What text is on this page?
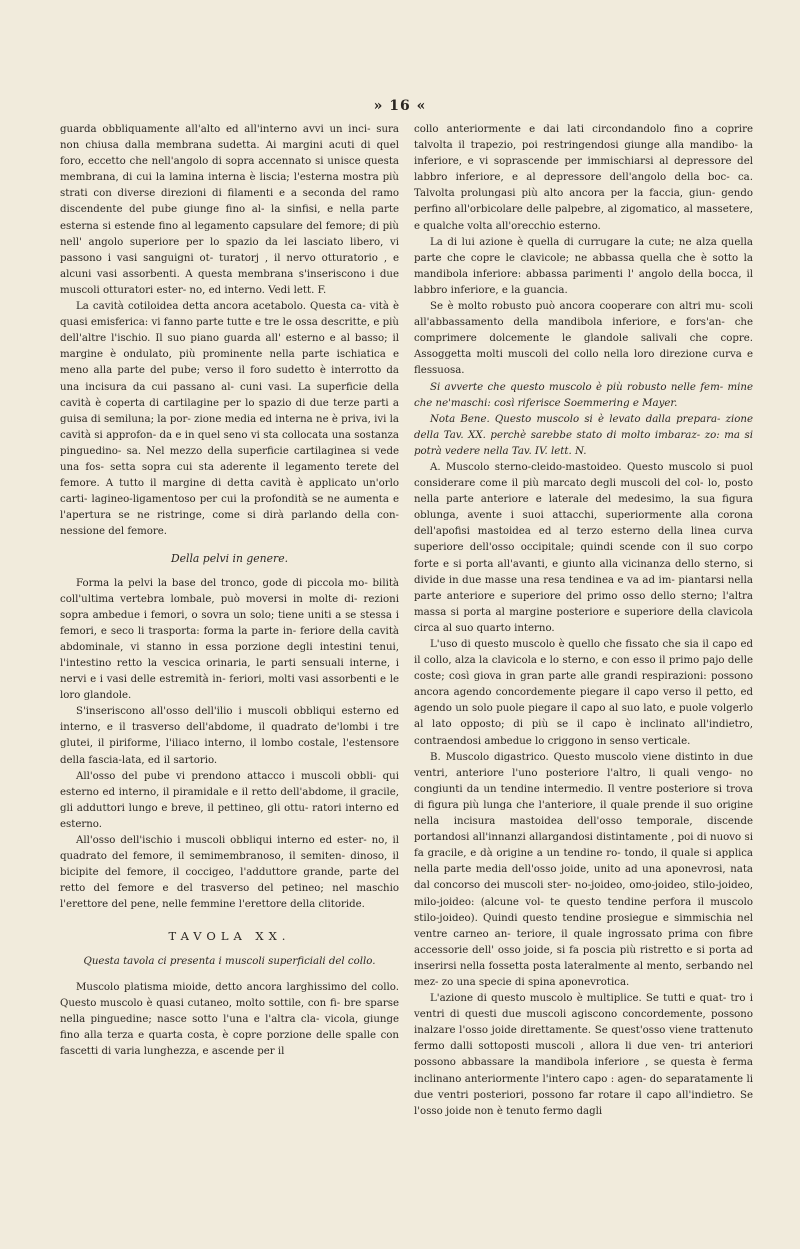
» 16 «

guarda obbliquamente all'alto ed all'interno avvi un inci- sura non chiusa dalla membrana sudetta. Ai margini acuti di quel foro, eccetto che nell'angolo di sopra accennato si unisce questa membrana, di cui la lamina interna è liscia; l'esterna mostra più strati con diverse direzioni di filamenti e a seconda del ramo discendente del pube giunge fino al- la sinfisi, e nella parte esterna si estende fino al legamento capsulare del femore; di più nell' angolo superiore per lo spazio da lei lasciato libero, vi passono i vasi sanguigni ot- turatorj , il nervo otturatorio , e alcuni vasi assorbenti. A questa membrana s'inseriscono i due muscoli otturatori ester- no, ed interno. Vedi lett. F.

La cavità cotiloidea detta ancora acetabolo. Questa ca- vità è quasi emisferica: vi fanno parte tutte e tre le ossa descritte, e più dell'altre l'ischio. Il suo piano guarda all' esterno e al basso; il margine è ondulato, più prominente nella parte ischiatica e meno alla parte del pube; verso il foro sudetto è interrotto da una incisura da cui passano al- cuni vasi. La superficie della cavità è coperta di cartilagine per lo spazio di due terze parti a guisa di semiluna; la por- zione media ed interna ne è priva, ivi la cavità si approfon- da e in quel seno vi sta collocata una sostanza pinguedino- sa. Nel mezzo della superficie cartilaginea si vede una fos- setta sopra cui sta aderente il legamento terete del femore. A tutto il margine di detta cavità è applicato un'orlo carti- lagineo-ligamentoso per cui la profondità se ne aumenta e l'apertura se ne ristringe, come si dirà parlando della con- nessione del femore.

Della pelvi in genere.

Forma la pelvi la base del tronco, gode di piccola mo- bilità coll'ultima vertebra lombale, può moversi in molte di- rezioni sopra ambedue i femori, o sovra un solo; tiene uniti a se stessa i femori, e seco li trasporta: forma la parte in- feriore della cavità abdominale, vi stanno in essa porzione degli intestini tenui, l'intestino retto la vescica orinaria, le parti sensuali interne, i nervi e i vasi delle estremità in- feriori, molti vasi assorbenti e le loro glandole.

S'inseriscono all'osso dell'ilio i muscoli obbliqui esterno ed interno, e il trasverso dell'abdome, il quadrato de'lombi i tre glutei, il piriforme, l'iliaco interno, il lombo costale, l'estensore della fascia-lata, ed il sartorio.

All'osso del pube vi prendono attacco i muscoli obbli- qui esterno ed interno, il piramidale e il retto dell'abdome, il gracile, gli adduttori lungo e breve, il pettineo, gli ottu- ratori interno ed esterno.

All'osso dell'ischio i muscoli obbliqui interno ed ester- no, il quadrato del femore, il semimembranoso, il semiten- dinoso, il bicipite del femore, il coccigeo, l'adduttore grande, parte del retto del femore e del trasverso del petineo; nel maschio l'erettore del pene, nelle femmine l'erettore della clitoride.

TAVOLA XX.

Questa tavola ci presenta i muscoli superficiali del collo.

Muscolo platisma mioide, detto ancora larghissimo del collo. Questo muscolo è quasi cutaneo, molto sottile, con fi- bre sparse nella pinguedine; nasce sotto l'una e l'altra cla- vicola, giunge fino alla terza e quarta costa, è copre porzione delle spalle con fascetti di varia lunghezza, e ascende per il

collo anteriormente e dai lati circondandolo fino a coprire talvolta il trapezio, poi restringendosi giunge alla mandibo- la inferiore, e vi soprascende per immischiarsi al depressore del labbro inferiore, e al depressore dell'angolo della boc- ca. Talvolta prolungasi più alto ancora per la faccia, giun- gendo perfino all'orbicolare delle palpebre, al zigomatico, al massetere, e qualche volta all'orecchio esterno.

La di lui azione è quella di currugare la cute; ne alza quella parte che copre le clavicole; ne abbassa quella che è sotto la mandibola inferiore: abbassa parimenti l' angolo della bocca, il labbro inferiore, e la guancia.

Se è molto robusto può ancora cooperare con altri mu- scoli all'abbassamento della mandibola inferiore, e fors'an- che comprimere dolcemente le glandole salivali che copre. Assoggetta molti muscoli del collo nella loro direzione curva e flessuosa.

Si avverte che questo muscolo è più robusto nelle fem- mine che ne'maschi: così riferisce Soemmering e Mayer.

Nota Bene. Questo muscolo si è levato dalla prepara- zione della Tav. XX. perchè sarebbe stato di molto imbaraz- zo: ma si potrà vedere nella Tav. IV. lett. N.

A. Muscolo sterno-cleido-mastoideo. Questo muscolo si puol considerare come il più marcato degli muscoli del col- lo, posto nella parte anteriore e laterale del medesimo, la sua figura oblunga, avente i suoi attacchi, superiormente alla corona dell'apofisi mastoidea ed al terzo esterno della linea curva superiore dell'osso occipitale; quindi scende con il suo corpo forte e si porta all'avanti, e giunto alla vicinanza dello sterno, si divide in due masse una resa tendinea e va ad im- piantarsi nella parte anteriore e superiore del primo osso dello sterno; l'altra massa si porta al margine posteriore e superiore della clavicola circa al suo quarto interno.

L'uso di questo muscolo è quello che fissato che sia il capo ed il collo, alza la clavicola e lo sterno, e con esso il primo pajo delle coste; così giova in gran parte alle grandi respirazioni: possono ancora agendo concordemente piegare il capo verso il petto, ed agendo un solo puole piegare il capo al suo lato, e puole volgerlo al lato opposto; di più se il capo è inclinato all'indietro, contraendosi ambedue lo criggono in senso verticale.

B. Muscolo digastrico. Questo muscolo viene distinto in due ventri, anteriore l'uno posteriore l'altro, li quali vengo- no congiunti da un tendine intermedio. Il ventre posteriore si trova di figura più lunga che l'anteriore, il quale prende il suo origine nella incisura mastoidea dell'osso temporale, discende portandosi all'innanzi allargandosi distintamente , poi di nuovo si fa gracile, e dà origine a un tendine ro- tondo, il quale si applica nella parte media dell'osso joide, unito ad una aponevrosi, nata dal concorso dei muscoli ster- no-joideo, omo-joideo, stilo-joideo, milo-joideo: (alcune vol- te questo tendine perfora il muscolo stilo-joideo). Quindi questo tendine prosiegue e simmischia nel ventre carneo an- teriore, il quale ingrossato prima con fibre accessorie dell' osso joide, si fa poscia più ristretto e si porta ad inserirsi nella fossetta posta lateralmente al mento, serbando nel mez- zo una specie di spina aponevrotica.

L'azione di questo muscolo è multiplice. Se tutti e quat- tro i ventri di questi due muscoli agiscono concordemente, possono inalzare l'osso joide direttamente. Se quest'osso viene trattenuto fermo dalli sottoposti muscoli , allora li due ven- tri anteriori possono abbassare la mandibola inferiore , se questa è ferma inclinano anteriormente l'intero capo : agen- do separatamente li due ventri posteriori, possono far rotare il capo all'indietro. Se l'osso joide non è tenuto fermo dagli
